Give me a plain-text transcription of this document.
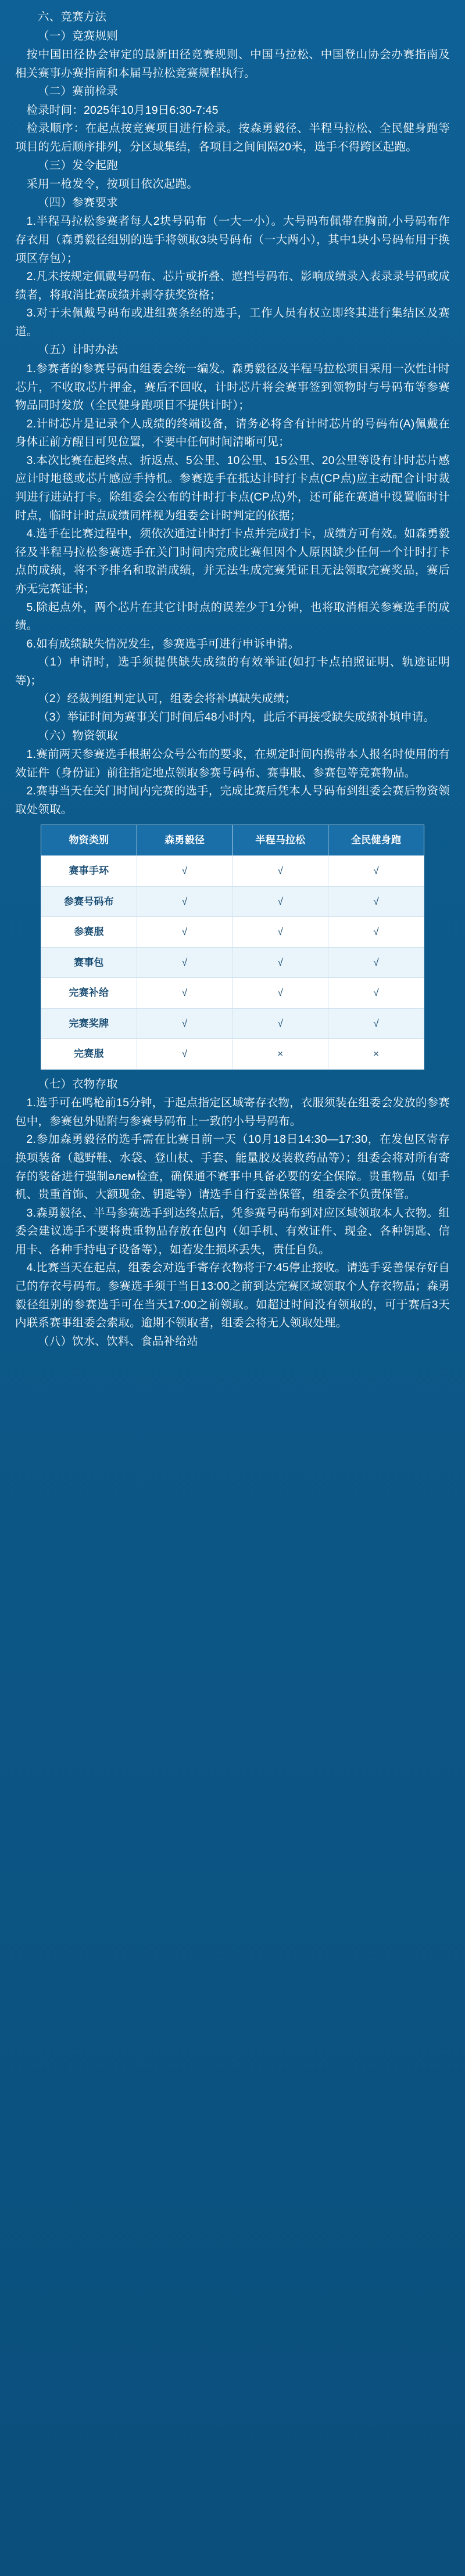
六、竞赛方法
（一）竞赛规则

按中国田径协会审定的最新田径竞赛规则、中国马拉松、中国登山协会办赛指南及相关赛事办赛指南和本届马拉松竞赛规程执行。

（二）赛前检录

检录时间：2025年10月19日6:30-7:45

检录顺序：在起点按竞赛项目进行检录。按森勇毅径、半程马拉松、全民健身跑等项目的先后顺序排列，分区域集结，各项目之间间隔20米，选手不得跨区起跑。

（三）发令起跑

采用一枪发令，按项目依次起跑。

（四）参赛要求

1.半程马拉松参赛者每人2块号码布（一大一小）。大号码布佩带在胸前,小号码布作存衣用（森勇毅径组别的选手将领取3块号码布（一大两小），其中1块小号码布用于换项区存包）；

2.凡未按规定佩戴号码布、芯片或折叠、遮挡号码布、影响成绩录入表录录号码或成绩者，将取消比赛成绩并剥夺获奖资格；

3.对于未佩戴号码布或进组赛条经的选手，工作人员有权立即终其进行集结区及赛道。

（五）计时办法

1.参赛者的参赛号码由组委会统一编发。森勇毅径及半程马拉松项目采用一次性计时芯片，不收取芯片押金，赛后不回收，计时芯片将会赛事签到领物时与号码布等参赛物品同时发放（全民健身跑项目不提供计时）；

2.计时芯片是记录个人成绩的终端设备，请务必将含有计时芯片的号码布(A)佩戴在身体正前方醒目可见位置，不要中任何时间清晰可见；

3.本次比赛在起终点、折返点、5公里、10公里、15公里、20公里等设有计时芯片感应计时地毯或芯片感应手持机。参赛选手在抵达计时打卡点(CP点)应主动配合计时裁判进行进站打卡。除组委会公布的计时打卡点(CP点)外，还可能在赛道中设置临时计时点，临时计时点成绩同样视为组委会计时判定的依据；

4.选手在比赛过程中，须依次通过计时打卡点并完成打卡，成绩方可有效。如森勇毅径及半程马拉松参赛选手在关门时间内完成比赛但因个人原因缺少任何一个计时打卡点的成绩，将不予排名和取消成绩，并无法生成完赛凭证且无法领取完赛奖品，赛后亦无完赛证书；

5.除起点外，两个芯片在其它计时点的误差少于1分钟，也将取消相关参赛选手的成绩。

6.如有成绩缺失情况发生，参赛选手可进行申诉申请。

（1）申请时，选手须提供缺失成绩的有效举证(如打卡点拍照证明、轨迹证明等)；

（2）经裁判组判定认可，组委会将补填缺失成绩；

（3）举证时间为赛事关门时间后48小时内，此后不再接受缺失成绩补填申请。

（六）物资领取

1.赛前两天参赛选手根据公众号公布的要求，在规定时间内携带本人报名时使用的有效证件（身份证）前往指定地点领取参赛号码布、赛事服、参赛包等竞赛物品。

2.赛事当天在关门时间内完赛的选手，完成比赛后凭本人号码布到组委会赛后物资领取处领取。

物资类别	森勇毅径	半程马拉松	全民健身跑
赛事手环	√	√	√
参赛号码布	√	√	√
参赛服	√	√	√
赛事包	√	√	√
完赛补给	√	√	√
完赛奖牌	√	√	√
完赛服	√	×	×
（七）衣物存取

1.选手可在鸣枪前15分钟，于起点指定区域寄存衣物，衣服须装在组委会发放的参赛包中，参赛包外贴附与参赛号码布上一致的小号号码布。

2.参加森勇毅径的选手需在比赛日前一天（10月18日14:30—17:30，在发包区寄存换项装备（越野鞋、水袋、登山杖、手套、能量胶及装救药品等）；组委会将对所有寄存的装备进行强制әлем检查，确保通不赛事中具备必要的安全保障。贵重物品（如手机、贵重首饰、大额现金、钥匙等）请选手自行妥善保管，组委会不负责保管。

3.森勇毅径、半马参赛选手到达终点后，凭参赛号码布到对应区域领取本人衣物。组委会建议选手不要将贵重物品存放在包内（如手机、有效证件、现金、各种钥匙、信用卡、各种手持电子设备等），如若发生损坏丢失，责任自负。

4.比赛当天在起点，组委会对选手寄存衣物将于7:45停止接收。请选手妥善保存好自己的存衣号码布。参赛选手须于当日13:00之前到达完赛区域领取个人存衣物品；森勇毅径组别的参赛选手可在当天17:00之前领取。如超过时间没有领取的，可于赛后3天内联系赛事组委会索取。逾期不领取者，组委会将无人领取处理。

（八）饮水、饮料、食品补给站
